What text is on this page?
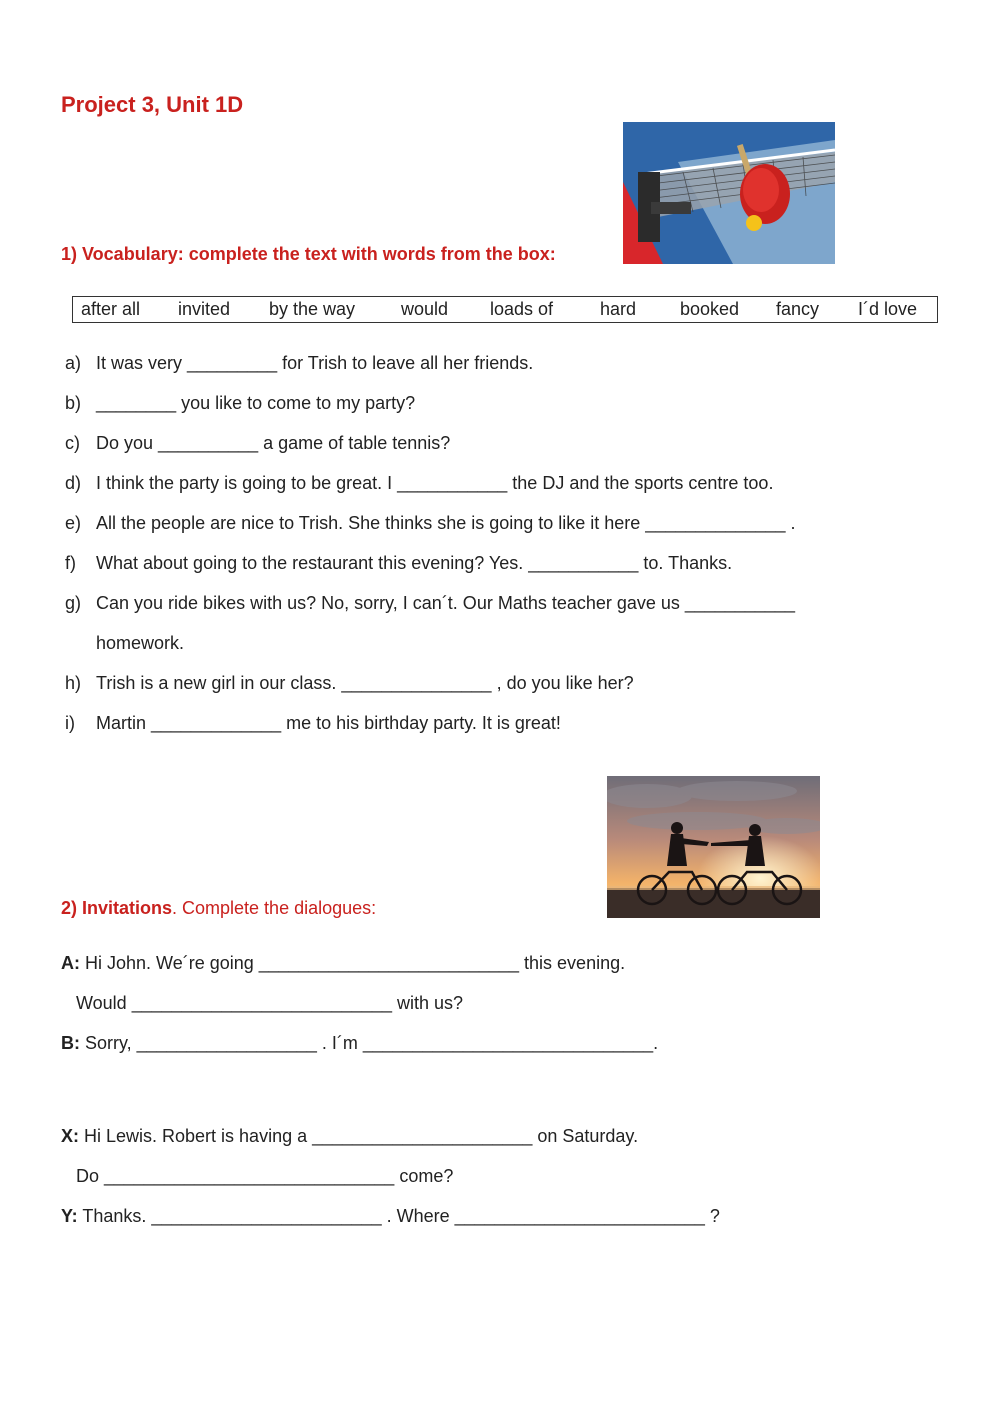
Project 3, Unit 1D
1) Vocabulary: complete the text with words from the box:
after all invited by the way	would loads of	hard booked fancy I´d love
a) It was very _________ for Trish to leave all her friends.
b) ________ you like to come to my party?
c) Do you __________ a game of table tennis?
d) I think the party is going to be great. I ___________ the DJ and the sports centre too.
e) All the people are nice to Trish. She thinks she is going to like it here ______________ .
f) What about going to the restaurant this evening? Yes. ___________ to. Thanks.
g) Can you ride bikes with us? No, sorry, I can´t. Our Maths teacher gave us ___________
homework.
h) Trish is a new girl in our class. _______________ , do you like her?
i) Martin _____________ me to his birthday party. It is great!
2) Invitations. Complete the dialogues:
A: Hi John. We´re going __________________________ this evening.
Would __________________________ with us?
B: Sorry, __________________ . I´m _____________________________.
X: Hi Lewis. Robert is having a ______________________ on Saturday.
Do _____________________________ come?
Y: Thanks. _______________________ . Where _________________________ ?
